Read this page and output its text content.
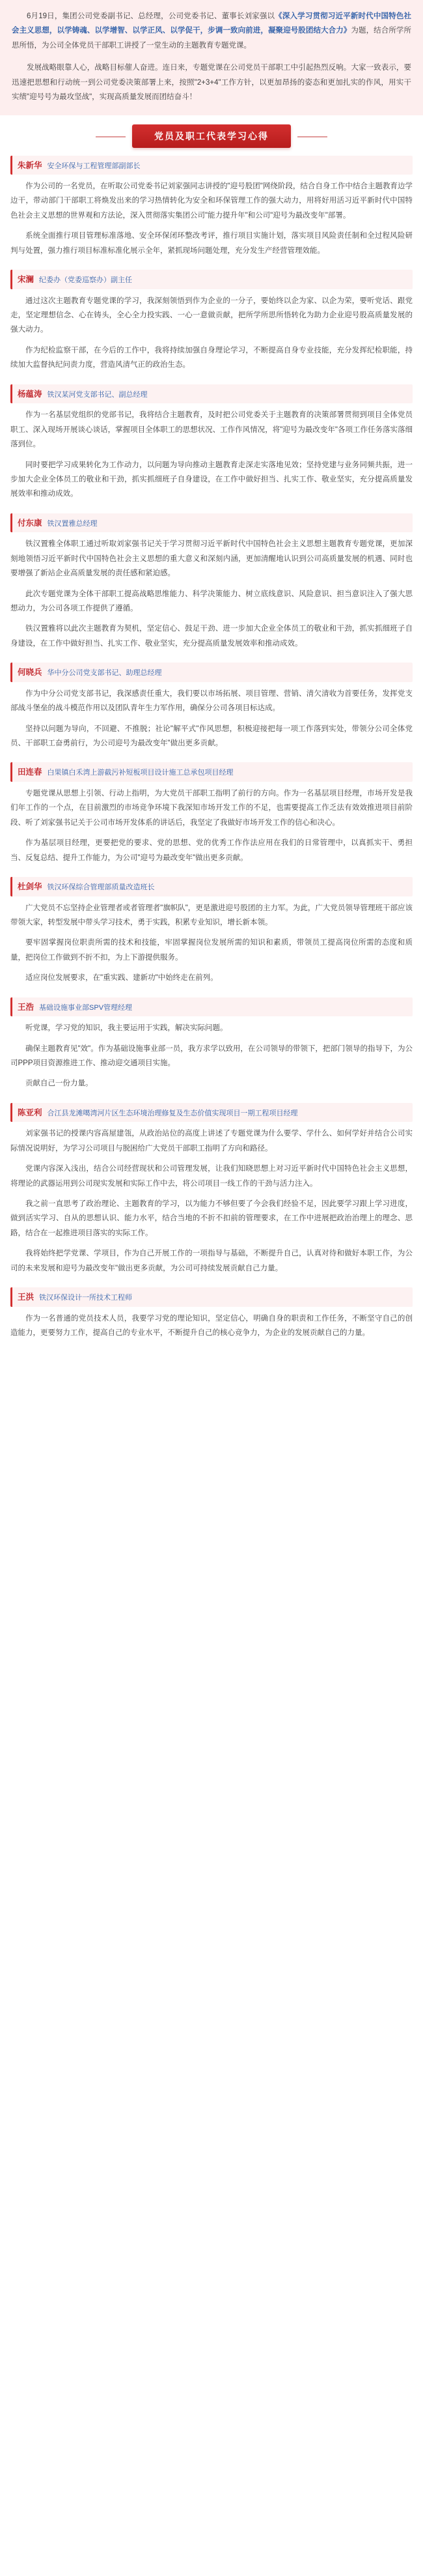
6月19日，集团公司党委副书记、总经理，公司党委书记、董事长刘家强以《深入学习贯彻习近平新时代中国特色社会主义思想，以学铸魂、以学增智、以学正风、以学促干，步调一致向前进，凝聚迎号股团结大合力》为题，结合所学所思所悟，为公司全体党员干部职工讲授了一堂生动的主题教育专题党课。

发展战略眼靠人心，战略目标催人奋进。连日来，专题党课在公司党员干部职工中引起热烈反响。大家一致表示，要迅速把思想和行动统一到公司党委决策部署上来，按照"2+3+4"工作方针，以更加昂扬的姿态和更加扎实的作风，用实干实绩"迎号号为最攻坚战"，实现高质量发展而团结奋斗！

党员及职工代表学习心得
朱新华 安全环保与工程管理部副部长

作为公司的一名党员，在听取公司党委书记刘家强同志讲授的"迎号股团"网绕阶段，结合自身工作中结合主题教育边学边干，带动部门干部职工将焕发出来的学习热情转化为安全和环保管理工作的强大动力，用将好用活习近平新时代中国特色社会主义思想的世界观和方法论，深入贯彻落实集团公司"能力提升年"和公司"迎号为最改变年"部署。

系统全面推行项目管理标准落地、安全环保闭环整改考评，推行项目实施计划，落实项目风险责任制和全过程风险研判与处置，强力推行项目标准标准化展示全年，紧抓现场问题处理，充分发生产经营管理效能。

宋澜 纪委办（党委巡察办）副主任

通过这次主题教育专题党课的学习，我深刻领悟到作为企业的一分子，要始终以企为家、以企为荣，要听党话、跟党走，坚定理想信念、心在铸头，全心全力投实践、一心一意做贡献，把所学所思所悟转化为助力企业迎号股高质量发展的强大动力。

作为纪检监察干部，在今后的工作中，我将持续加强自身理论学习，不断提高自身专业技能，充分发挥纪检职能，持续加大监督执纪问责力度，营造风清气正的政治生态。

杨蕴涛 铁汉某河党支部书记、副总经理

作为一名基层党组织的党部书记，我将结合主题教育，及时把公司党委关于主题教育的决策部署贯彻到项目全体党员职工、深入现场开展谈心谈话，掌握项目全体职工的思想状况、工作作风情况，将"迎号为最改变年"各项工作任务落实落细落到位。

同时要把学习成果转化为工作动力，以问题为导向推动主题教育走深走实落地见效；坚持党建与业务同频共振，进一步加大企业全体员工的敬业和干劲，抓实抓细班子自身建设，在工作中做好担当、扎实工作、敬业坚实，充分提高质量发展效率和推动成效。

付东康 铁汉置雅总经理

铁汉置雅全体职工通过听取刘家强书记关于学习贯彻习近平新时代中国特色社会主义思想主题教育专题党课，更加深刻地领悟习近平新时代中国特色社会主义思想的重大意义和深刻内涵，更加清醒地认识到公司高质量发展的机遇、同时也要增强了新站企业高质量发展的责任感和紧迫感。

此次专题党课为全体干部职工提高战略思维能力、科学决策能力、树立底线意识、风险意识、担当意识注入了强大思想动力，为公司各项工作提供了遵循。

铁汉置雅将以此次主题教育为契机，坚定信心、鼓足干劲、进一步加大企业全体员工的敬业和干劲，抓实抓细班子自身建设，在工作中做好担当、扎实工作、敬业坚实，充分提高质量发展效率和推动成效。

何晓兵 华中分公司党支部书记、助理总经理

作为中分公司党支部书记，我深感责任重大，我们要以市场拓展、项目管理、营销、清欠清收为首要任务，发挥党支部战斗堡垒的战斗模范作用以及团队青年生力军作用，确保分公司各项目标达成。

坚持以问题为导向，不回避、不推脱；社论"解平式"作风思想，积极迎接把每一项工作落到实处，带领分公司全体党员、干部职工奋勇前行，为公司迎号为最改变年"做出更多贡献。

田连春 白果镇白禾湾上游截污补短板项目设计施工总承包项目经理

专题党课从思想上引领、行动上指明，为大党员干部职工指明了前行的方向。作为一名基层项目经理，市场开发是我们年工作的一个点，在目前激烈的市场竞争环境下我深知市场开发工作的不足，也需要提高工作乏法有效效推进项目前阶段、听了刘家强书记关于公司市场开发体系的讲话后，我坚定了我做好市场开发工作的信心和决心。

作为基层项目经理，更要把党的要求、党的思想、党的优秀工作作法应用在我们的日常管理中，以真抓实干、勇担当、反复总结、提升工作能力，为公司"迎号为最改变年"做出更多贡献。

杜剑华 铁汉环保综合管理部质量改造班长

广大党员不忘坚持企业管理者或者管理者"旗帜队"，更是激进迎号股团的主力军。为此，广大党员领导管理班干部应该带领大家，转型发展中带头学习技术，勇于实践，积累专业知识，增长新本领。

要牢固掌握岗位职责所需的技术和技能，牢固掌握岗位发展所需的知识和素质，带领员工提高岗位所需的态度和质量，把岗位工作做到不折不扣，为上下游提供服务。

适应岗位发展要求，在"重实践、建新功"中始终走在前列。

王浩 基础设施事业部SPV管理经理

听党课，学习党的知识，我主要运用于实践，解决实际问题。

确保主题教育见"效"。作为基础设施事业部一员，我方求学以致用，在公司领导的带领下，把部门领导的指导下，为公司PPP项目资源推进工作、推动迎交通项目实施。

贡献自己一份力量。

陈亚利 合江县龙滩噶湾河片区生态环境治理修复及生态价值实现项目一期工程项目经理

刘家强书记的授课内容高屋建瓴，从政治站位的高度上讲述了专题党课为什么要学、学什么、如何学好并结合公司实际情况说明好，为学习公司项目与脱困给广大党员干部职工指明了方向和路径。

党课内容深入浅出，结合公司经营现状和公司管理发展，让我们知晓思想上对习近平新时代中国特色社会主义思想，将理论的武器运用到公司现实发展和实际工作中去，将公司项目一线工作的干劲与活力注入。

我之前一直思考了政治理论、主题教育的学习，以为能力不够但要了今会我们经验不足，因此要学习跟上学习进度，做到活实学习、自从的思想认识、能力水平，结合当地的不折不扣前的管理要求，在工作中进展把政治治理上的理念、思路，结合在一起推进项目落实的实际工作。

我将始终把学党课、学项目，作为自己开展工作的一项指导与基础，不断提升自己，认真对待和做好本职工作，为公司的未来发展和迎号为最改变年"做出更多贡献，为公司可持续发展贡献自己力量。

王洪 铁汉环保设计一所技术工程师

作为一名普通的党员技术人员，我要学习党的理论知识，坚定信心，明确自身的职责和工作任务，不断坚守自己的创造能力，更要努力工作，提高自己的专业水平，不断提升自己的核心竞争力，为企业的发展贡献自己的力量。
